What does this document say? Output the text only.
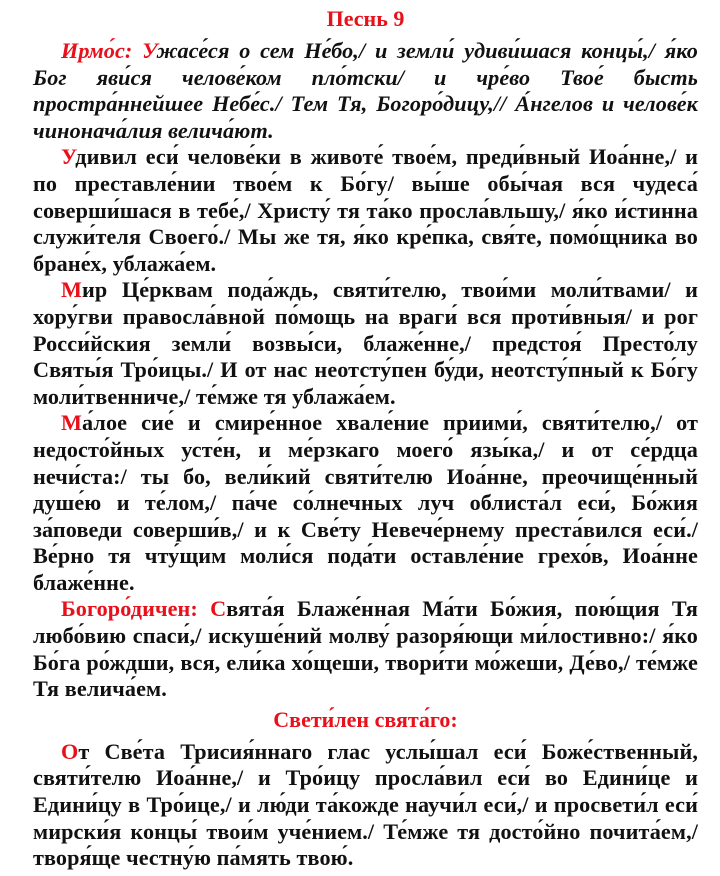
Песнь 9

Ирмо́с: Ужасе́ся о сем Не́бо,/ и земли́ удиви́шася концы́,/ я́ко Бог яви́ся челове́ком пло́тски/ и чре́во Твое́ бысть простра́ннейшее Небе́с./ Тем Тя, Богоро́дицу,// А́нгелов и челове́к чинонача́лия велича́ют.

Удивил еси́ челове́ки в животе́ твое́м, преди́вный Иоа́нне,/ и по преставле́нии твое́м к Бо́гу/ вы́ше обы́чая вся чудеса́ соверши́шася в тебе́,/ Христу́ тя та́ко просла́вльшу,/ я́ко и́стинна служи́теля Своего́./ Мы же тя, я́ко кре́пка, свя́те, помо́щника во бране́х, ублажа́ем.

Мир Це́рквам пода́ждь, святи́телю, твои́ми моли́твами/ и хору́гви правосла́вной по́мощь на враги́ вся проти́вныя/ и рог Росси́йския земли́ возвы́си, блаже́нне,/ предстоя́ Престо́лу Святы́я Тро́ицы./ И от нас неотсту́пен бу́ди, неотсту́пный к Бо́гу моли́твенниче,/ те́мже тя ублажа́ем.

Ма́лое сие́ и смире́нное хвале́ние приими́, святи́телю,/ от недосто́йных усте́н, и ме́рзкаго моего́ язы́ка,/ и от се́рдца нечи́ста:/ ты бо, вели́кий святи́телю Иоа́нне, преочище́нный душе́ю и те́лом,/ па́че со́лнечных луч облиста́л еси́, Бо́жия за́поведи соверши́в,/ и к Све́ту Невече́рнему преста́вился еси́./ Ве́рно тя чту́щим моли́ся пода́ти оставле́ние грехо́в, Иоа́нне блаже́нне.

Богоро́дичен: Свята́я Блаже́нная Ма́ти Бо́жия, пою́щия Тя любо́вию спаси́,/ искуше́ний молву́ разоря́ющи ми́лостивно:/ я́ко Бо́га ро́ждши, вся, ели́ка хо́щеши, твори́ти мо́жеши, Де́во,/ те́мже Тя велича́ем.

Свети́лен свята́го:

От Све́та Трисия́ннаго глас услы́шал еси́ Боже́ственный, святи́телю Иоа́нне,/ и Тро́ицу просла́вил еси́ во Едини́це и Едини́цу в Тро́ице,/ и лю́ди та́кожде научи́л еси́,/ и просвети́л еси́ мирски́я концы́ твои́м уче́нием./ Те́мже тя досто́йно почита́ем,/ творя́ще честну́ю па́мять твою́.
